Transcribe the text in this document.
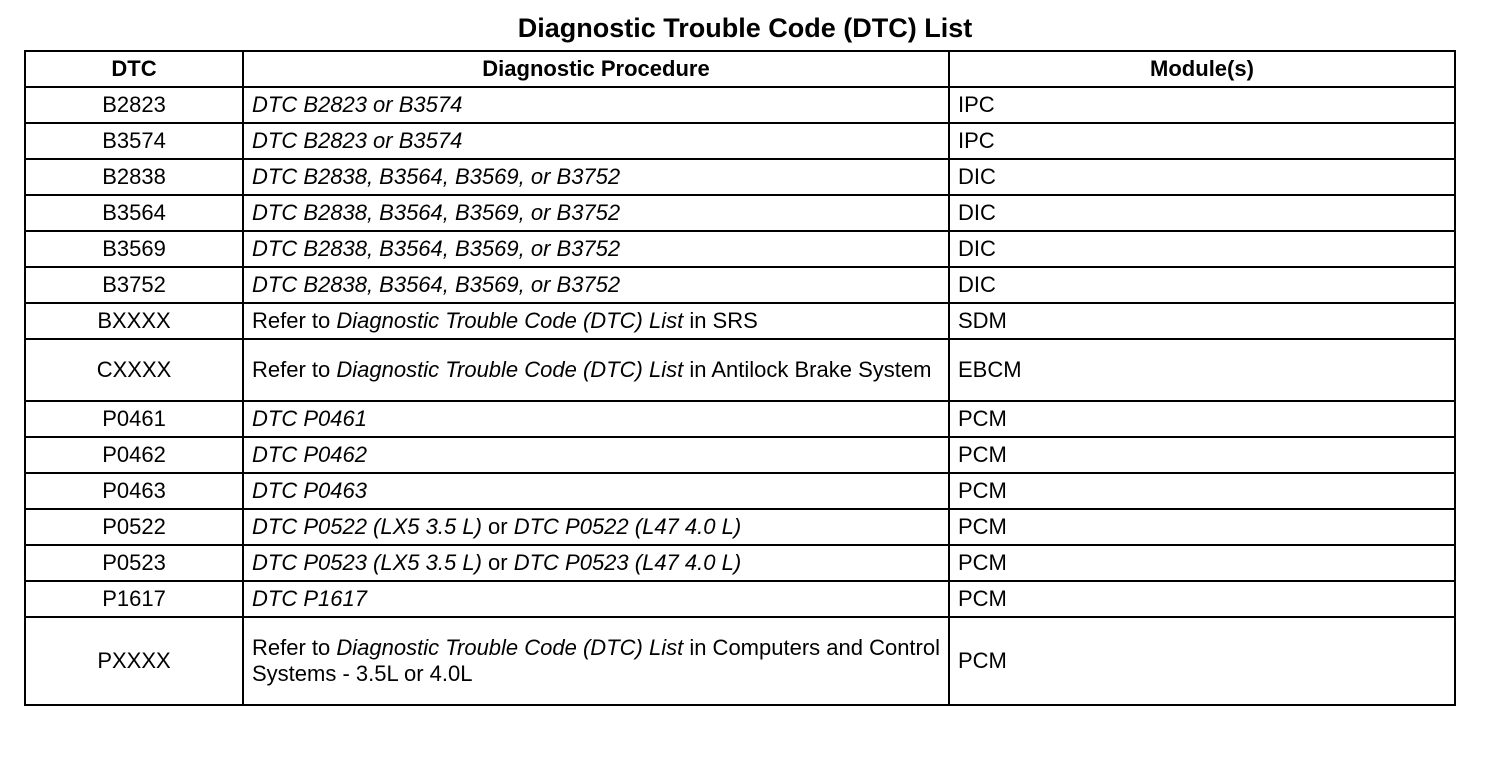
Diagnostic Trouble Code (DTC) List
DTC	Diagnostic Procedure	Module(s)
B2823	DTC B2823 or B3574	IPC
B3574	DTC B2823 or B3574	IPC
B2838	DTC B2838, B3564, B3569, or B3752	DIC
B3564	DTC B2838, B3564, B3569, or B3752	DIC
B3569	DTC B2838, B3564, B3569, or B3752	DIC
B3752	DTC B2838, B3564, B3569, or B3752	DIC
BXXXX	Refer to Diagnostic Trouble Code (DTC) List in SRS	SDM
CXXXX	Refer to Diagnostic Trouble Code (DTC) List in Antilock Brake System	EBCM
P0461	DTC P0461	PCM
P0462	DTC P0462	PCM
P0463	DTC P0463	PCM
P0522	DTC P0522 (LX5 3.5 L) or DTC P0522 (L47 4.0 L)	PCM
P0523	DTC P0523 (LX5 3.5 L) or DTC P0523 (L47 4.0 L)	PCM
P1617	DTC P1617	PCM
PXXXX	Refer to Diagnostic Trouble Code (DTC) List in Computers and Control Systems - 3.5L or 4.0L	PCM
